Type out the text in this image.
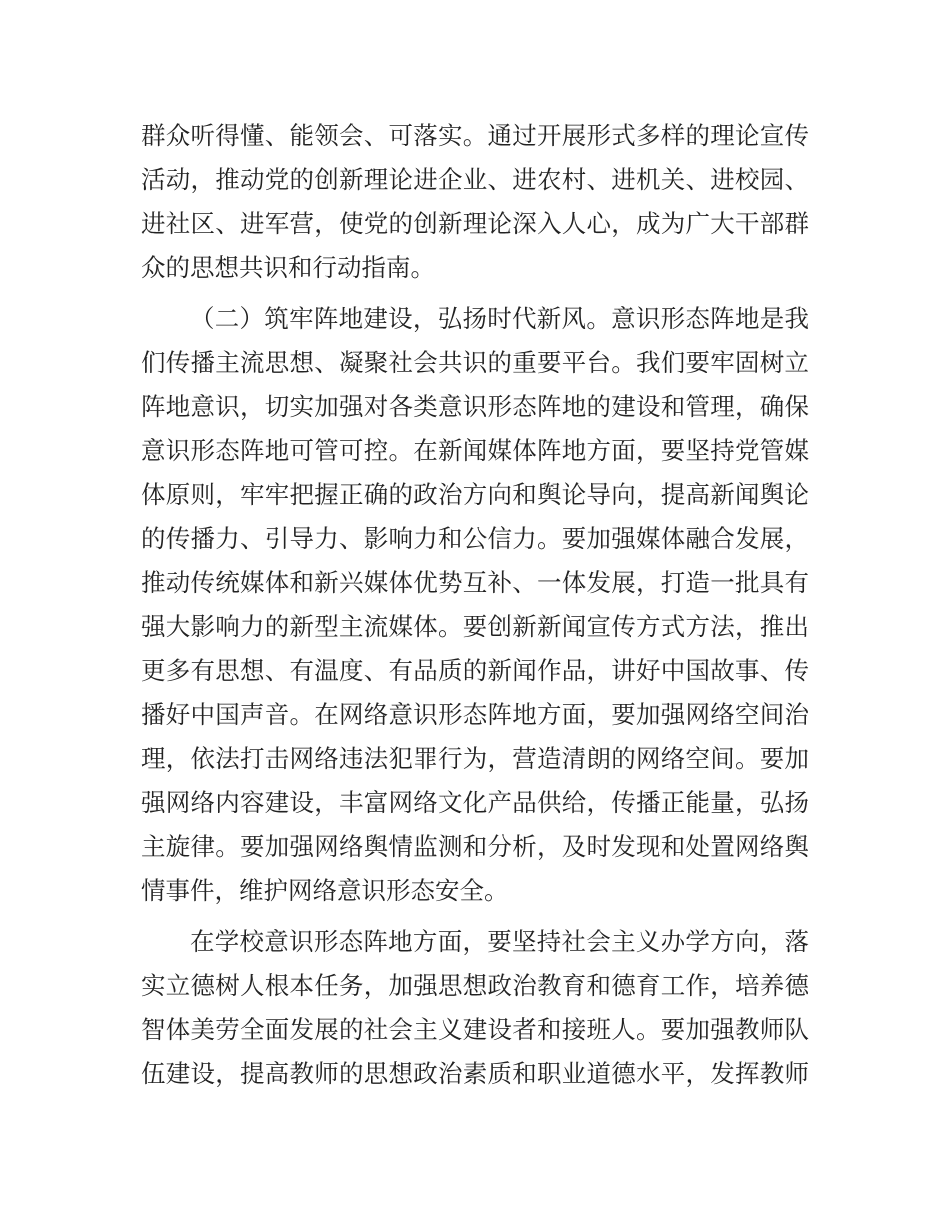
群众听得懂、能领会、可落实。通过开展形式多样的理论宣传
活动，推动党的创新理论进企业、进农村、进机关、进校园、
进社区、进军营，使党的创新理论深入人心，成为广大干部群
众的思想共识和行动指南。
（二）筑牢阵地建设，弘扬时代新风。意识形态阵地是我
们传播主流思想、凝聚社会共识的重要平台。我们要牢固树立
阵地意识，切实加强对各类意识形态阵地的建设和管理，确保
意识形态阵地可管可控。在新闻媒体阵地方面，要坚持党管媒
体原则，牢牢把握正确的政治方向和舆论导向，提高新闻舆论
的传播力、引导力、影响力和公信力。要加强媒体融合发展，
推动传统媒体和新兴媒体优势互补、一体发展，打造一批具有
强大影响力的新型主流媒体。要创新新闻宣传方式方法，推出
更多有思想、有温度、有品质的新闻作品，讲好中国故事、传
播好中国声音。在网络意识形态阵地方面，要加强网络空间治
理，依法打击网络违法犯罪行为，营造清朗的网络空间。要加
强网络内容建设，丰富网络文化产品供给，传播正能量，弘扬
主旋律。要加强网络舆情监测和分析，及时发现和处置网络舆
情事件，维护网络意识形态安全。
在学校意识形态阵地方面，要坚持社会主义办学方向，落
实立德树人根本任务，加强思想政治教育和德育工作，培养德
智体美劳全面发展的社会主义建设者和接班人。要加强教师队
伍建设，提高教师的思想政治素质和职业道德水平，发挥教师
